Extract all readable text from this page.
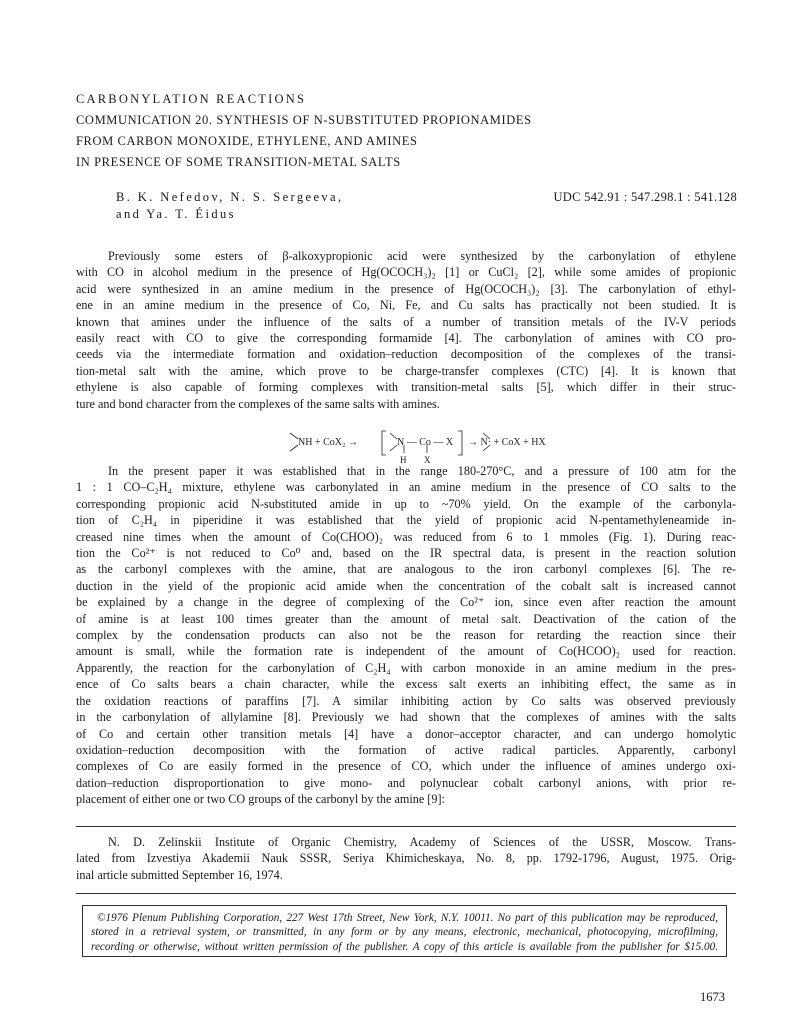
CARBONYLATION REACTIONS
COMMUNICATION 20. SYNTHESIS OF N-SUBSTITUTED PROPIONAMIDES
FROM CARBON MONOXIDE, ETHYLENE, AND AMINES
IN PRESENCE OF SOME TRANSITION-METAL SALTS
B. K. Nefedov, N. S. Sergeeva,
and Ya. T. Éidus
UDC 542.91 : 547.298.1 : 541.128
Previously some esters of β-alkoxypropionic acid were synthesized by the carbonylation of ethylene
with CO in alcohol medium in the presence of Hg(OCOCH₃)₂ [1] or CuCl₂ [2], while some amides of propionic
acid were synthesized in an amine medium in the presence of Hg(OCOCH₃)₂ [3]. The carbonylation of ethyl-
ene in an amine medium in the presence of Co, Ni, Fe, and Cu salts has practically not been studied. It is
known that amines under the influence of the salts of a number of transition metals of the IV-V periods
easily react with CO to give the corresponding formamide [4]. The carbonylation of amines with CO pro-
ceeds via the intermediate formation and oxidation–reduction decomposition of the complexes of the transi-
tion-metal salt with the amine, which prove to be charge-transfer complexes (CTC) [4]. It is known that
ethylene is also capable of forming complexes with transition-metal salts [5], which differ in their struc-
ture and bond character from the complexes of the same salts with amines.
NH + CoX₂ →	N — Co — X
H X
→ N· + CoX + HX
In the present paper it was established that in the range 180-270°C, and a pressure of 100 atm for the
1 : 1 CO–C₂H₄ mixture, ethylene was carbonylated in an amine medium in the presence of CO salts to the
corresponding propionic acid N-substituted amide in up to ~70% yield. On the example of the carbonyla-
tion of C₂H₄ in piperidine it was established that the yield of propionic acid N-pentamethyleneamide in-
creased nine times when the amount of Co(CHOO)₂ was reduced from 6 to 1 mmoles (Fig. 1). During reac-
tion the Co²⁺ is not reduced to Co⁰ and, based on the IR spectral data, is present in the reaction solution
as the carbonyl complexes with the amine, that are analogous to the iron carbonyl complexes [6]. The re-
duction in the yield of the propionic acid amide when the concentration of the cobalt salt is increased cannot
be explained by a change in the degree of complexing of the Co²⁺ ion, since even after reaction the amount
of amine is at least 100 times greater than the amount of metal salt. Deactivation of the cation of the
complex by the condensation products can also not be the reason for retarding the reaction since their
amount is small, while the formation rate is independent of the amount of Co(HCOO)₂ used for reaction.
Apparently, the reaction for the carbonylation of C₂H₄ with carbon monoxide in an amine medium in the pres-
ence of Co salts bears a chain character, while the excess salt exerts an inhibiting effect, the same as in
the oxidation reactions of paraffins [7]. A similar inhibiting action by Co salts was observed previously
in the carbonylation of allylamine [8]. Previously we had shown that the complexes of amines with the salts
of Co and certain other transition metals [4] have a donor–acceptor character, and can undergo homolytic
oxidation–reduction decomposition with the formation of active radical particles. Apparently, carbonyl
complexes of Co are easily formed in the presence of CO, which under the influence of amines undergo oxi-
dation–reduction disproportionation to give mono- and polynuclear cobalt carbonyl anions, with prior re-
placement of either one or two CO groups of the carbonyl by the amine [9]:
N. D. Zelinskii Institute of Organic Chemistry, Academy of Sciences of the USSR, Moscow. Trans-
lated from Izvestiya Akademii Nauk SSSR, Seriya Khimicheskaya, No. 8, pp. 1792-1796, August, 1975. Orig-
inal article submitted September 16, 1974.
©1976 Plenum Publishing Corporation, 227 West 17th Street, New York, N.Y. 10011. No part of this publication may be reproduced,
stored in a retrieval system, or transmitted, in any form or by any means, electronic, mechanical, photocopying, microfilming,
recording or otherwise, without written permission of the publisher. A copy of this article is available from the publisher for $15.00.
1673
